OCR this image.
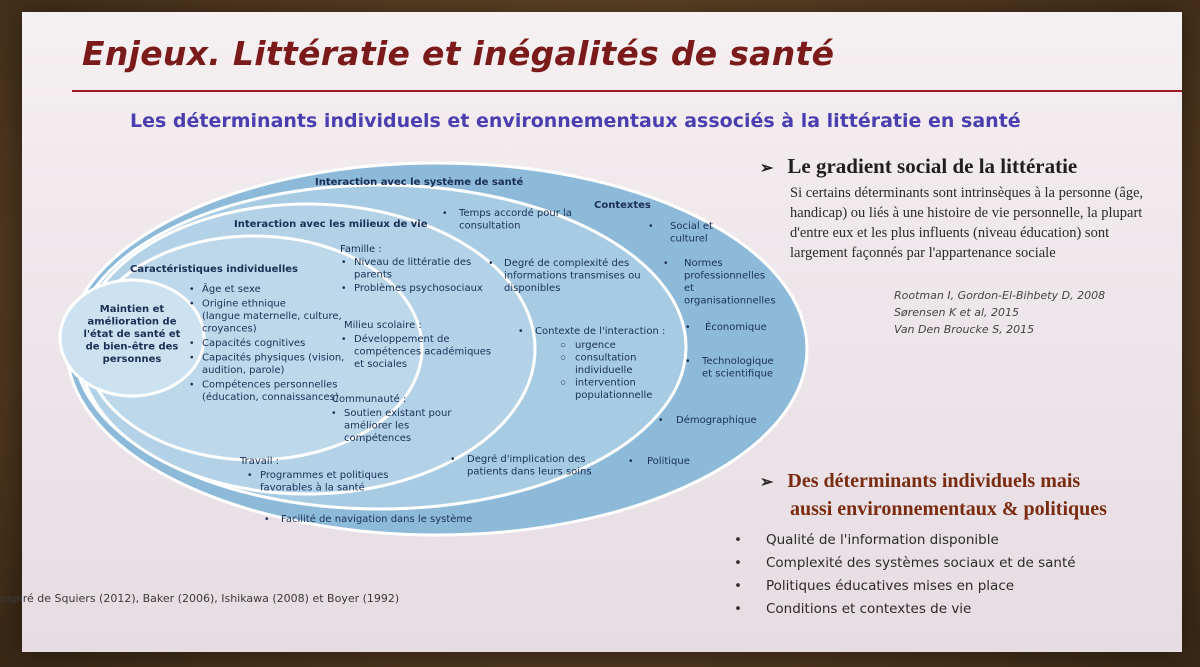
Enjeux. Littératie et inégalités de santé
Les déterminants individuels et environnementaux associés à la littératie en santé
Maintien et amélioration de l'état de santé et de bien-être des personnes
Caractéristiques individuelles
• Âge et sexe
• Origine ethnique (langue maternelle, culture, croyances)
• Capacités cognitives
• Capacités physiques (vision, audition, parole)
• Compétences personnelles (éducation, connaissances)
Interaction avec les milieux de vie
Famille :
• Niveau de littératie des parents
• Problèmes psychosociaux
Milieu scolaire :
• Développement de compétences académiques et sociales
Communauté :
• Soutien existant pour améliorer les compétences
Travail :
• Programmes et politiques favorables à la santé
Interaction avec le système de santé
• Temps accordé pour la consultation
• Degré de complexité des informations transmises ou disponibles
• Contexte de l'interaction :
○ urgence
○ consultation individuelle
○ intervention populationnelle
• Degré d'implication des patients dans leurs soins
• Facilité de navigation dans le système
Contextes
• Social et culturel
• Normes professionnelles et organisationnelles
• Économique
• Technologique et scientifique
• Démographique
• Politique
nspiré de Squiers (2012), Baker (2006), Ishikawa (2008) et Boyer (1992)
➢ Le gradient social de la littératie

Si certains déterminants sont intrinsèques à la personne (âge, handicap) ou liés à une histoire de vie personnelle, la plupart d'entre eux et les plus influents (niveau éducation) sont largement façonnés par l'appartenance sociale

Rootman I, Gordon-El-Bihbety D, 2008
Sørensen K et al, 2015
Van Den Broucke S, 2015
➢ Des déterminants individuels mais
aussi environnementaux & politiques
• Qualité de l'information disponible
• Complexité des systèmes sociaux et de santé
• Politiques éducatives mises en place
• Conditions et contextes de vie
